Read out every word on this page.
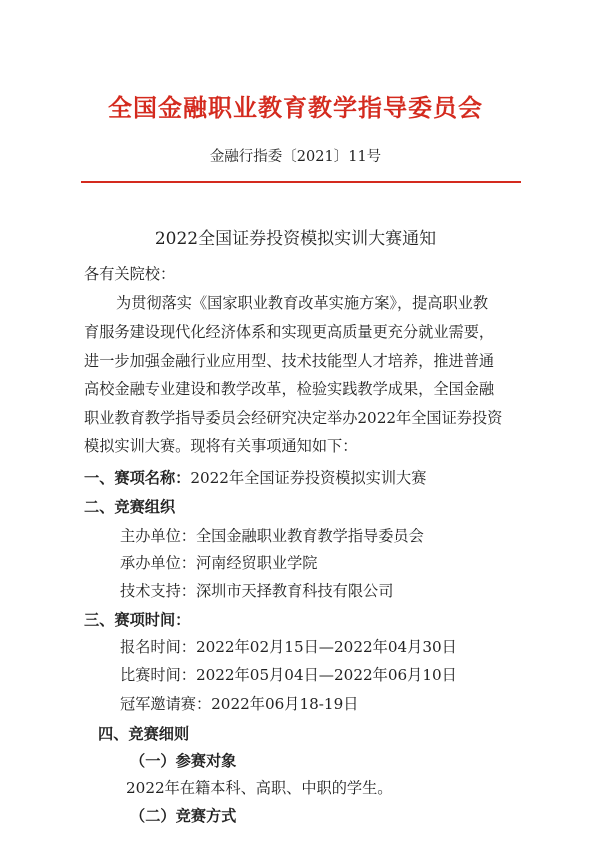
全国金融职业教育教学指导委员会
金融行指委〔2021〕11号
2022全国证券投资模拟实训大赛通知
各有关院校：
为贯彻落实《国家职业教育改革实施方案》，提高职业教
育服务建设现代化经济体系和实现更高质量更充分就业需要，
进一步加强金融行业应用型、技术技能型人才培养，推进普通
高校金融专业建设和教学改革，检验实践教学成果，全国金融
职业教育教学指导委员会经研究决定举办2022年全国证券投资
模拟实训大赛。现将有关事项通知如下：
一、赛项名称：2022年全国证券投资模拟实训大赛
二、竞赛组织
主办单位：全国金融职业教育教学指导委员会
承办单位：河南经贸职业学院
技术支持：深圳市天择教育科技有限公司
三、赛项时间：
报名时间：2022年02月15日—2022年04月30日
比赛时间：2022年05月04日—2022年06月10日
冠军邀请赛：2022年06月18-19日
四、竞赛细则
（一）参赛对象
2022年在籍本科、高职、中职的学生。
（二）竞赛方式
